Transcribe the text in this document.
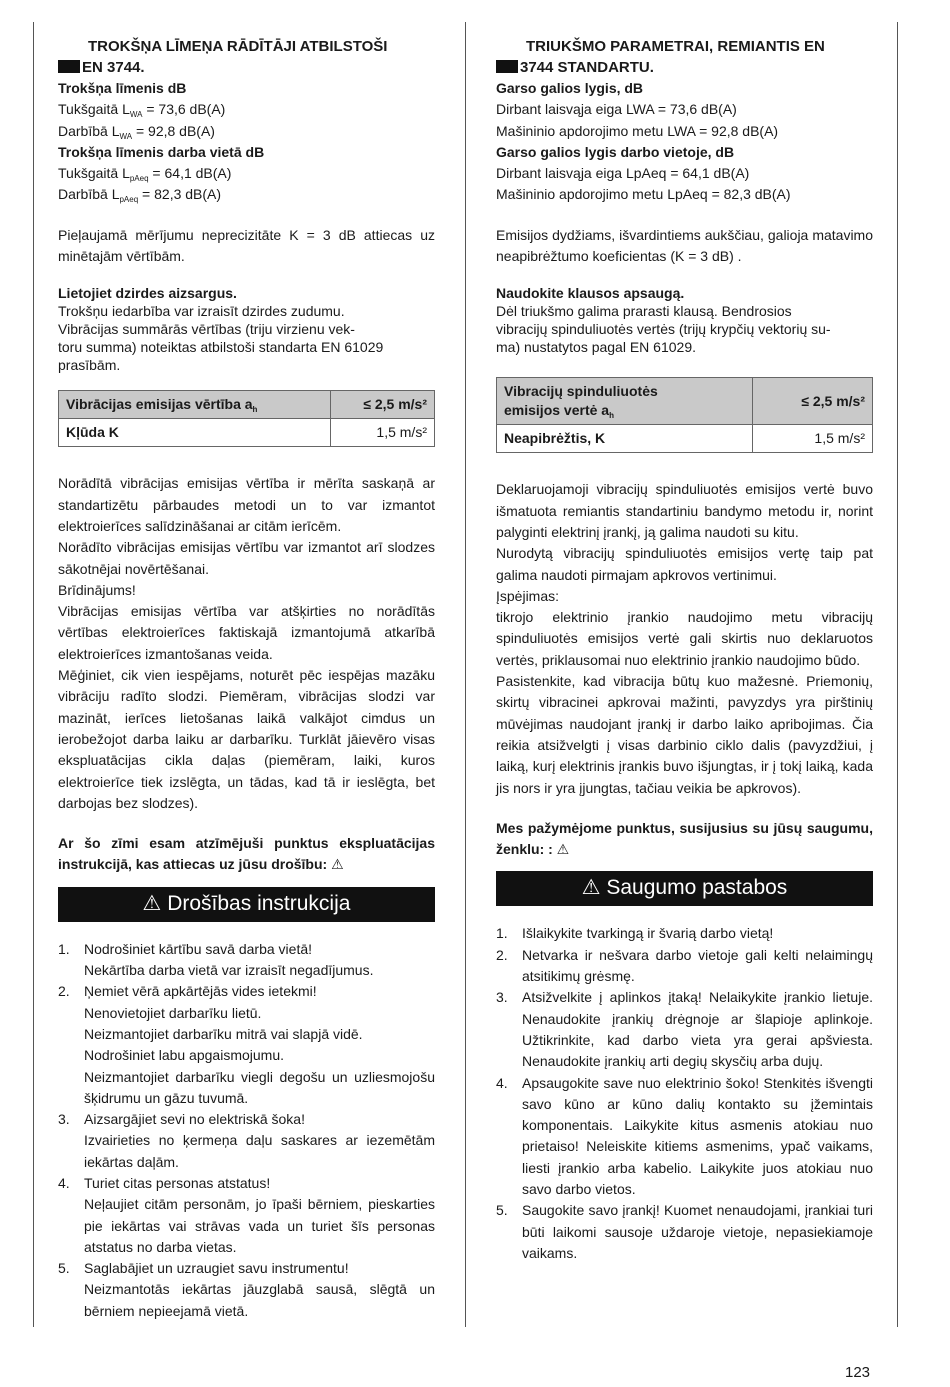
TROKŠŅA LĪMEŅA RĀDĪTĀJI ATBILSTOŠI
EN 3744.

Trokšņa līmenis dB

Tukšgaitā $L_{WA} = 73,6$ dB(A)

Darbībā $L_{WA} = 92,8$ dB(A)

Trokšņa līmenis darba vietā dB

Tukšgaitā $L_{pAeq} = 64,1$ dB(A)

Darbībā $L_{pAeq} = 82,3$ dB(A)

Pieļaujamā mērījumu neprecizitāte K = 3 dB attiecas uz minētajām vērtībām.

Lietojiet dzirdes aizsargus.

Trokšņu iedarbība var izraisīt dzirdes zudumu.

Vibrācijas summārās vērtības (triju virzienu vek-

toru summa) noteiktas atbilstoši standarta EN 61029

prasībām.

Vibrācijas emisijas vērtība $a_h$	≤ 2,5 m/s²
Kļūda K	1,5 m/s²

Norādītā vibrācijas emisijas vērtība ir mērīta saskaņā ar standartizētu pārbaudes metodi un to var izmantot elektroierīces salīdzināšanai ar citām ierīcēm.

Norādīto vibrācijas emisijas vērtību var izmantot arī slodzes sākotnējai novērtēšanai.

Brīdinājums!

Vibrācijas emisijas vērtība var atšķirties no norādītās vērtības elektroierīces faktiskajā izmantojumā atkarībā elektroierīces izmantošanas veida.

Mēģiniet, cik vien iespējams, noturēt pēc iespējas mazāku vibrāciju radīto slodzi. Piemēram, vibrācijas slodzi var mazināt, ierīces lietošanas laikā valkājot cimdus un ierobežojot darba laiku ar darbarīku. Turklāt jāievēro visas ekspluatācijas cikla daļas (piemēram, laiki, kuros elektroierīce tiek izslēgta, un tādas, kad tā ir ieslēgta, bet darbojas bez slodzes).

Ar šo zīmi esam atzīmējuši punktus ekspluatācijas instrukcijā, kas attiecas uz jūsu drošību: ⚠

⚠ Drošības instrukcija
1. Nodrošiniet kārtību savā darba vietā!
Nekārtība darba vietā var izraisīt negadījumus.
2. Ņemiet vērā apkārtējās vides ietekmi!
Nenovietojiet darbarīku lietū.
Neizmantojiet darbarīku mitrā vai slapjā vidē.
Nodrošiniet labu apgaismojumu.
Neizmantojiet darbarīku viegli degošu un uzliesmojošu šķidrumu un gāzu tuvumā.
3. Aizsargājiet sevi no elektriskā šoka!
Izvairieties no ķermeņa daļu saskares ar iezemētām iekārtas daļām.
4. Turiet citas personas atstatus!
Neļaujiet citām personām, jo īpaši bērniem, pieskarties pie iekārtas vai strāvas vada un turiet šīs personas atstatus no darba vietas.
5. Saglabājiet un uzraugiet savu instrumentu!
Neizmantotās iekārtas jāuzglabā sausā, slēgtā un bērniem nepieejamā vietā.
TRIUKŠMO PARAMETRAI, REMIANTIS EN
3744 STANDARTU.

Garso galios lygis, dB

Dirbant laisvąja eiga LWA = 73,6 dB(A)

Mašininio apdorojimo metu LWA = 92,8 dB(A)

Garso galios lygis darbo vietoje, dB

Dirbant laisvąja eiga LpAeq = 64,1 dB(A)

Mašininio apdorojimo metu LpAeq = 82,3 dB(A)

Emisijos dydžiams, išvardintiems aukščiau, galioja matavimo neapibrėžtumo koeficientas (K = 3 dB) .

Naudokite klausos apsaugą.

Dėl triukšmo galima prarasti klausą. Bendrosios

vibracijų spinduliuotės vertės (trijų krypčių vektorių su-

ma) nustatytos pagal EN 61029.

Vibracijų spinduliuotės
emisijos vertė $a_h$	≤ 2,5 m/s²
Neapibrėžtis, K	1,5 m/s²

Deklaruojamoji vibracijų spinduliuotės emisijos vertė buvo išmatuota remiantis standartiniu bandymo metodu ir, norint palyginti elektrinį įrankį, ją galima naudoti su kitu.

Nurodytą vibracijų spinduliuotės emisijos vertę taip pat galima naudoti pirmajam apkrovos vertinimui.

Įspėjimas:

tikrojo elektrinio įrankio naudojimo metu vibracijų spinduliuotės emisijos vertė gali skirtis nuo deklaruotos vertės, priklausomai nuo elektrinio įrankio naudojimo būdo.

Pasistenkite, kad vibracija būtų kuo mažesnė. Priemonių, skirtų vibracinei apkrovai mažinti, pavyzdys yra pirštinių mūvėjimas naudojant įrankį ir darbo laiko apribojimas. Čia reikia atsižvelgti į visas darbinio ciklo dalis (pavyzdžiui, į laiką, kurį elektrinis įrankis buvo išjungtas, ir į tokį laiką, kada jis nors ir yra įjungtas, tačiau veikia be apkrovos).

Mes pažymėjome punktus, susijusius su jūsų saugumu, ženklu: : ⚠

⚠ Saugumo pastabos
1. Išlaikykite tvarkingą ir švarią darbo vietą!
2. Netvarka ir nešvara darbo vietoje gali kelti nelaimingų atsitikimų grėsmę.
3. Atsižvelkite į aplinkos įtaką! Nelaikykite įrankio lietuje. Nenaudokite įrankių drėgnoje ar šlapioje aplinkoje. Užtikrinkite, kad darbo vieta yra gerai apšviesta. Nenaudokite įrankių arti degių skysčių arba dujų.
4. Apsaugokite save nuo elektrinio šoko! Stenkitės išvengti savo kūno ar kūno dalių kontakto su įžemintais komponentais. Laikykite kitus asmenis atokiau nuo prietaiso! Neleiskite kitiems asmenims, ypač vaikams, liesti įrankio arba kabelio. Laikykite juos atokiau nuo savo darbo vietos.
5. Saugokite savo įrankį! Kuomet nenaudojami, įrankiai turi būti laikomi sausoje uždaroje vietoje, nepasiekiamoje vaikams.
123
